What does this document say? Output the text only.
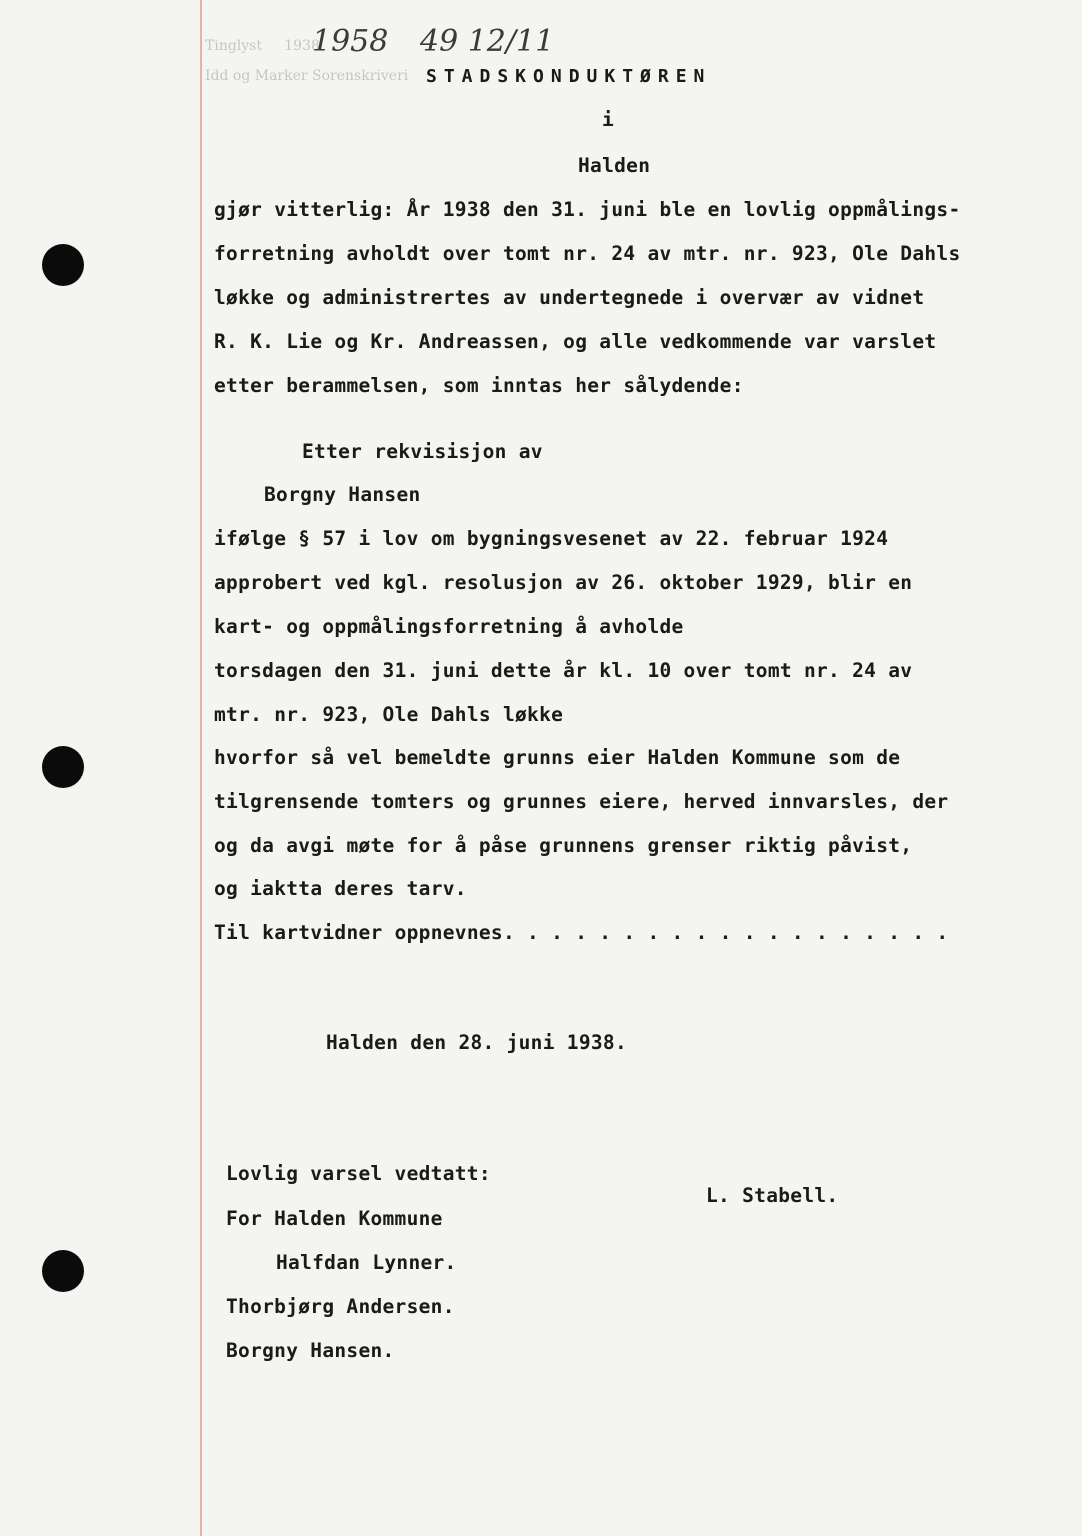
Tinglyst     1938
Idd og Marker Sorenskriveri
1958 49 12/11
STADSKONDUKTØREN
i
Halden
gjør vitterlig: År 1938 den 31. juni ble en lovlig oppmålings-
forretning avholdt over tomt nr. 24 av mtr. nr. 923, Ole Dahls
løkke og administrertes av undertegnede i overvær av vidnet
R. K. Lie og Kr. Andreassen, og alle vedkommende var varslet
etter berammelsen, som inntas her sålydende:
Etter rekvisisjon av
Borgny Hansen
ifølge § 57 i lov om bygningsvesenet av 22. februar 1924
approbert ved kgl. resolusjon av 26. oktober 1929, blir en
kart- og oppmålingsforretning å avholde
torsdagen den 31. juni dette år kl. 10 over tomt nr. 24 av
mtr. nr. 923, Ole Dahls løkke
hvorfor så vel bemeldte grunns eier Halden Kommune som de
tilgrensende tomters og grunnes eiere, herved innvarsles, der
og da avgi møte for å påse grunnens grenser riktig påvist,
og iaktta deres tarv.
Til kartvidner oppnevnes. . . . . . . . . . . . . . . . . . .
Halden den 28. juni 1938.
Lovlig varsel vedtatt:
L. Stabell.
For Halden Kommune
Halfdan Lynner.
Thorbjørg Andersen.
Borgny Hansen.
